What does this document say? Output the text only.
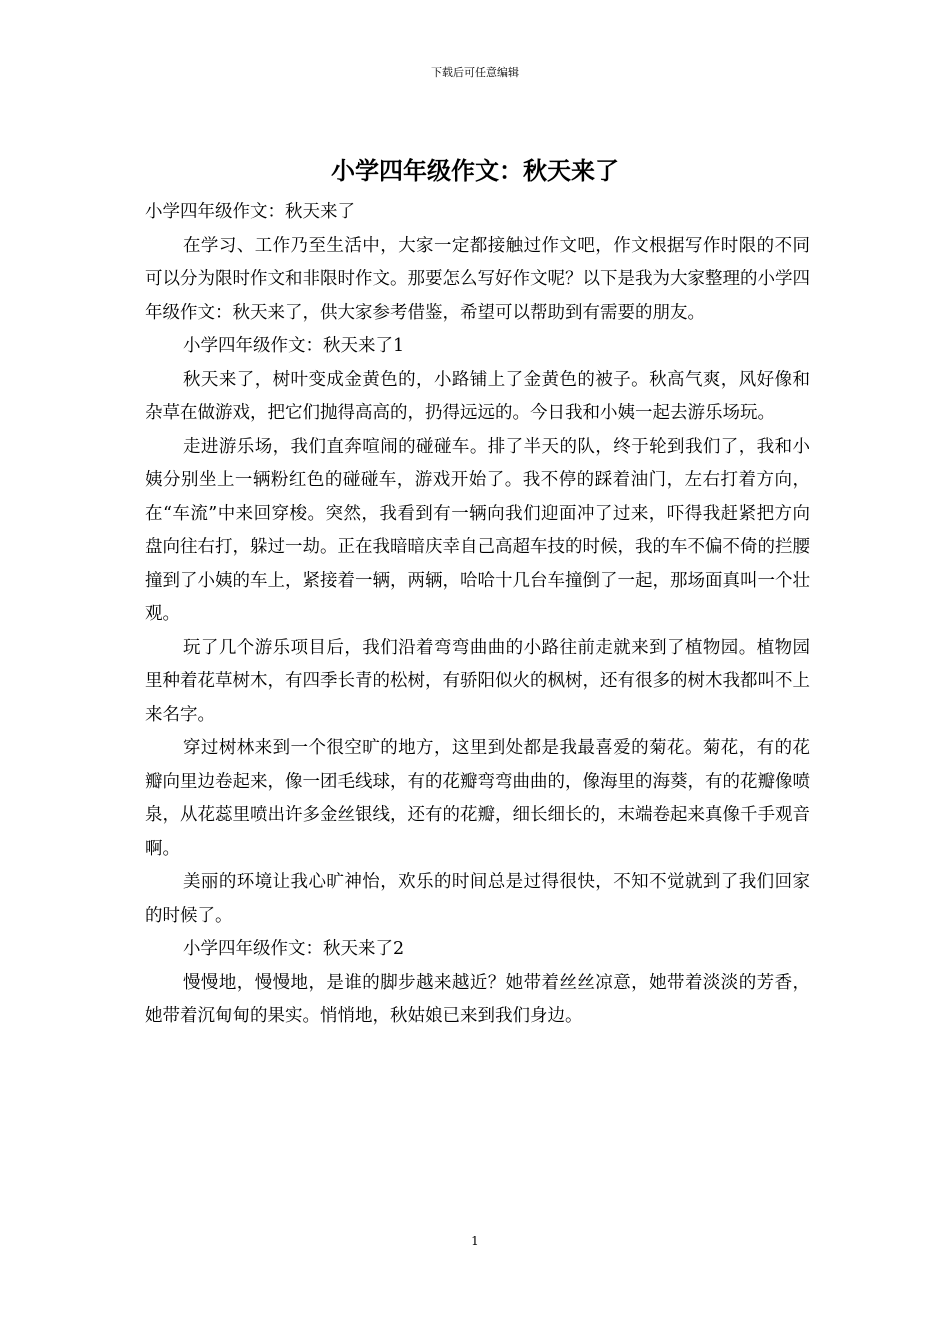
下载后可任意编辑
小学四年级作文：秋天来了

小学四年级作文：秋天来了

在学习、工作乃至生活中，大家一定都接触过作文吧，作文根据写作时限的不同可以分为限时作文和非限时作文。那要怎么写好作文呢？以下是我为大家整理的小学四年级作文：秋天来了，供大家参考借鉴，希望可以帮助到有需要的朋友。

小学四年级作文：秋天来了1

秋天来了，树叶变成金黄色的，小路铺上了金黄色的被子。秋高气爽，风好像和杂草在做游戏，把它们抛得高高的，扔得远远的。今日我和小姨一起去游乐场玩。

走进游乐场，我们直奔喧闹的碰碰车。排了半天的队，终于轮到我们了，我和小姨分别坐上一辆粉红色的碰碰车，游戏开始了。我不停的踩着油门，左右打着方向，在“车流”中来回穿梭。突然，我看到有一辆向我们迎面冲了过来，吓得我赶紧把方向盘向往右打，躲过一劫。正在我暗暗庆幸自己高超车技的时候，我的车不偏不倚的拦腰撞到了小姨的车上，紧接着一辆，两辆，哈哈十几台车撞倒了一起，那场面真叫一个壮观。

玩了几个游乐项目后，我们沿着弯弯曲曲的小路往前走就来到了植物园。植物园里种着花草树木，有四季长青的松树，有骄阳似火的枫树，还有很多的树木我都叫不上来名字。

穿过树林来到一个很空旷的地方，这里到处都是我最喜爱的菊花。菊花，有的花瓣向里边卷起来，像一团毛线球，有的花瓣弯弯曲曲的，像海里的海葵，有的花瓣像喷泉，从花蕊里喷出许多金丝银线，还有的花瓣，细长细长的，末端卷起来真像千手观音啊。

美丽的环境让我心旷神怡，欢乐的时间总是过得很快，不知不觉就到了我们回家的时候了。

小学四年级作文：秋天来了2

慢慢地，慢慢地，是谁的脚步越来越近？她带着丝丝凉意，她带着淡淡的芳香，她带着沉甸甸的果实。悄悄地，秋姑娘已来到我们身边。

1
